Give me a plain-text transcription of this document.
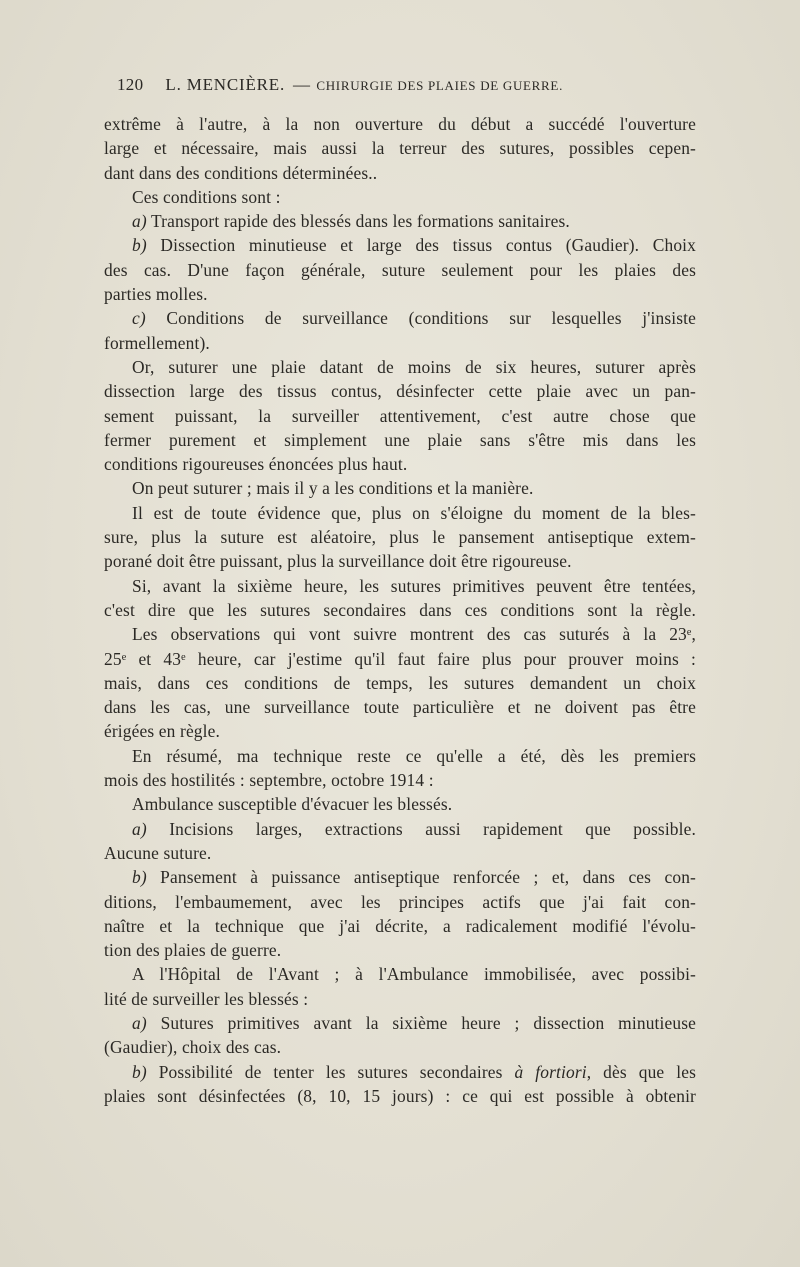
120 L. MENCIÈRE. — CHIRURGIE DES PLAIES DE GUERRE.
extrême à l'autre, à la non ouverture du début a succédé l'ouverture
large et nécessaire, mais aussi la terreur des sutures, possibles cepen-
dant dans des conditions déterminées..
Ces conditions sont :
a) Transport rapide des blessés dans les formations sanitaires.
b) Dissection minutieuse et large des tissus contus (Gaudier). Choix
des cas. D'une façon générale, suture seulement pour les plaies des
parties molles.
c) Conditions de surveillance (conditions sur lesquelles j'insiste
formellement).
Or, suturer une plaie datant de moins de six heures, suturer après
dissection large des tissus contus, désinfecter cette plaie avec un pan-
sement puissant, la surveiller attentivement, c'est autre chose que
fermer purement et simplement une plaie sans s'être mis dans les
conditions rigoureuses énoncées plus haut.
On peut suturer ; mais il y a les conditions et la manière.
Il est de toute évidence que, plus on s'éloigne du moment de la bles-
sure, plus la suture est aléatoire, plus le pansement antiseptique extem-
porané doit être puissant, plus la surveillance doit être rigoureuse.
Si, avant la sixième heure, les sutures primitives peuvent être tentées,
c'est dire que les sutures secondaires dans ces conditions sont la règle.
Les observations qui vont suivre montrent des cas suturés à la 23ᵉ,
25ᵉ et 43ᵉ heure, car j'estime qu'il faut faire plus pour prouver moins :
mais, dans ces conditions de temps, les sutures demandent un choix
dans les cas, une surveillance toute particulière et ne doivent pas être
érigées en règle.
En résumé, ma technique reste ce qu'elle a été, dès les premiers
mois des hostilités : septembre, octobre 1914 :
Ambulance susceptible d'évacuer les blessés.
a) Incisions larges, extractions aussi rapidement que possible.
Aucune suture.
b) Pansement à puissance antiseptique renforcée ; et, dans ces con-
ditions, l'embaumement, avec les principes actifs que j'ai fait con-
naître et la technique que j'ai décrite, a radicalement modifié l'évolu-
tion des plaies de guerre.
A l'Hôpital de l'Avant ; à l'Ambulance immobilisée, avec possibi-
lité de surveiller les blessés :
a) Sutures primitives avant la sixième heure ; dissection minutieuse
(Gaudier), choix des cas.
b) Possibilité de tenter les sutures secondaires à fortiori, dès que les
plaies sont désinfectées (8, 10, 15 jours) : ce qui est possible à obtenir
